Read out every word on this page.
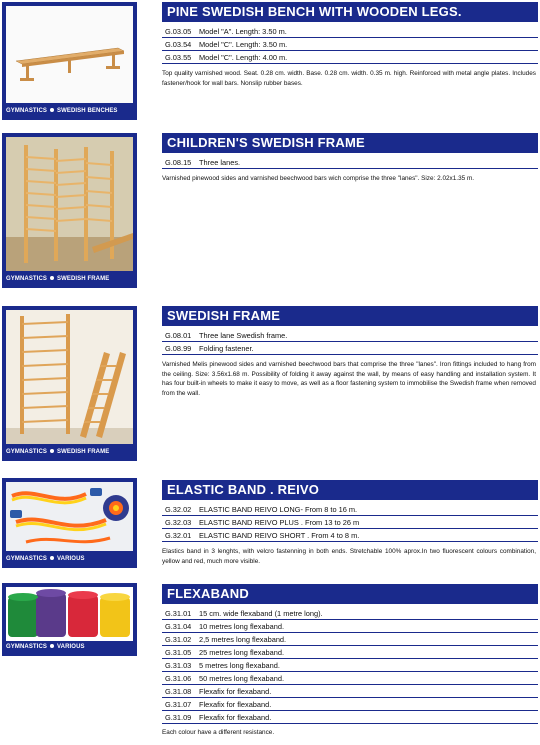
GYMNASTICS SWEDISH BENCHES
PINE SWEDISH BENCH WITH WOODEN LEGS.
G.03.05 Model "A". Length: 3.50 m.
G.03.54 Model "C". Length: 3.50 m.
G.03.55 Model "C". Length: 4.00 m.
Top quality varnished wood. Seat. 0.28 cm. width. Base. 0.28 cm. width. 0.35 m. high. Reinforced with metal angle plates. Includes fastener/hook for wall bars. Nonslip rubber bases.
GYMNASTICS SWEDISH FRAME
CHILDREN'S SWEDISH FRAME
G.08.15 Three lanes.
Varnished pinewood sides and varnished beechwood bars wich comprise the three "lanes". Size: 2.02x1.35 m.
GYMNASTICS SWEDISH FRAME
SWEDISH FRAME
G.08.01 Three lane Swedish frame.
G.08.99 Folding fastener.
Varnished Melis pinewood sides and varnished beechwood bars that comprise the three "lanes". Iron fittings included to hang from the ceiling. Size: 3.56x1.68 m. Possibility of folding it away against the wall, by means of easy handling and installation system. It has four built-in wheels to make it easy to move, as well as a floor fastening system to immobilise the Swedish frame when removed from the wall.
GYMNASTICS VARIOUS
ELASTIC BAND . REIVO
G.32.02 ELASTIC BAND REIVO LONG- From 8 to 16 m.
G.32.03 ELASTIC BAND REIVO PLUS . From 13 to 26 m
G.32.01 ELASTIC BAND REIVO SHORT . From 4 to 8 m.
Elastics band in 3 lenghts, with velcro fastenning in both ends. Stretchable 100% aprox.In two fluorescent colours combination, yellow and red, much more visible.
GYMNASTICS VARIOUS
FLEXABAND
G.31.01 15 cm. wide flexaband (1 metre long).
G.31.04 10 metres long flexaband.
G.31.02 2,5 metres long flexaband.
G.31.05 25 metres long flexaband.
G.31.03 5 metres long flexaband.
G.31.06 50 metres long flexaband.
G.31.08 Flexafix for flexaband.
G.31.07 Flexafix for flexaband.
G.31.09 Flexafix for flexaband.
Each colour have a different resistance.
